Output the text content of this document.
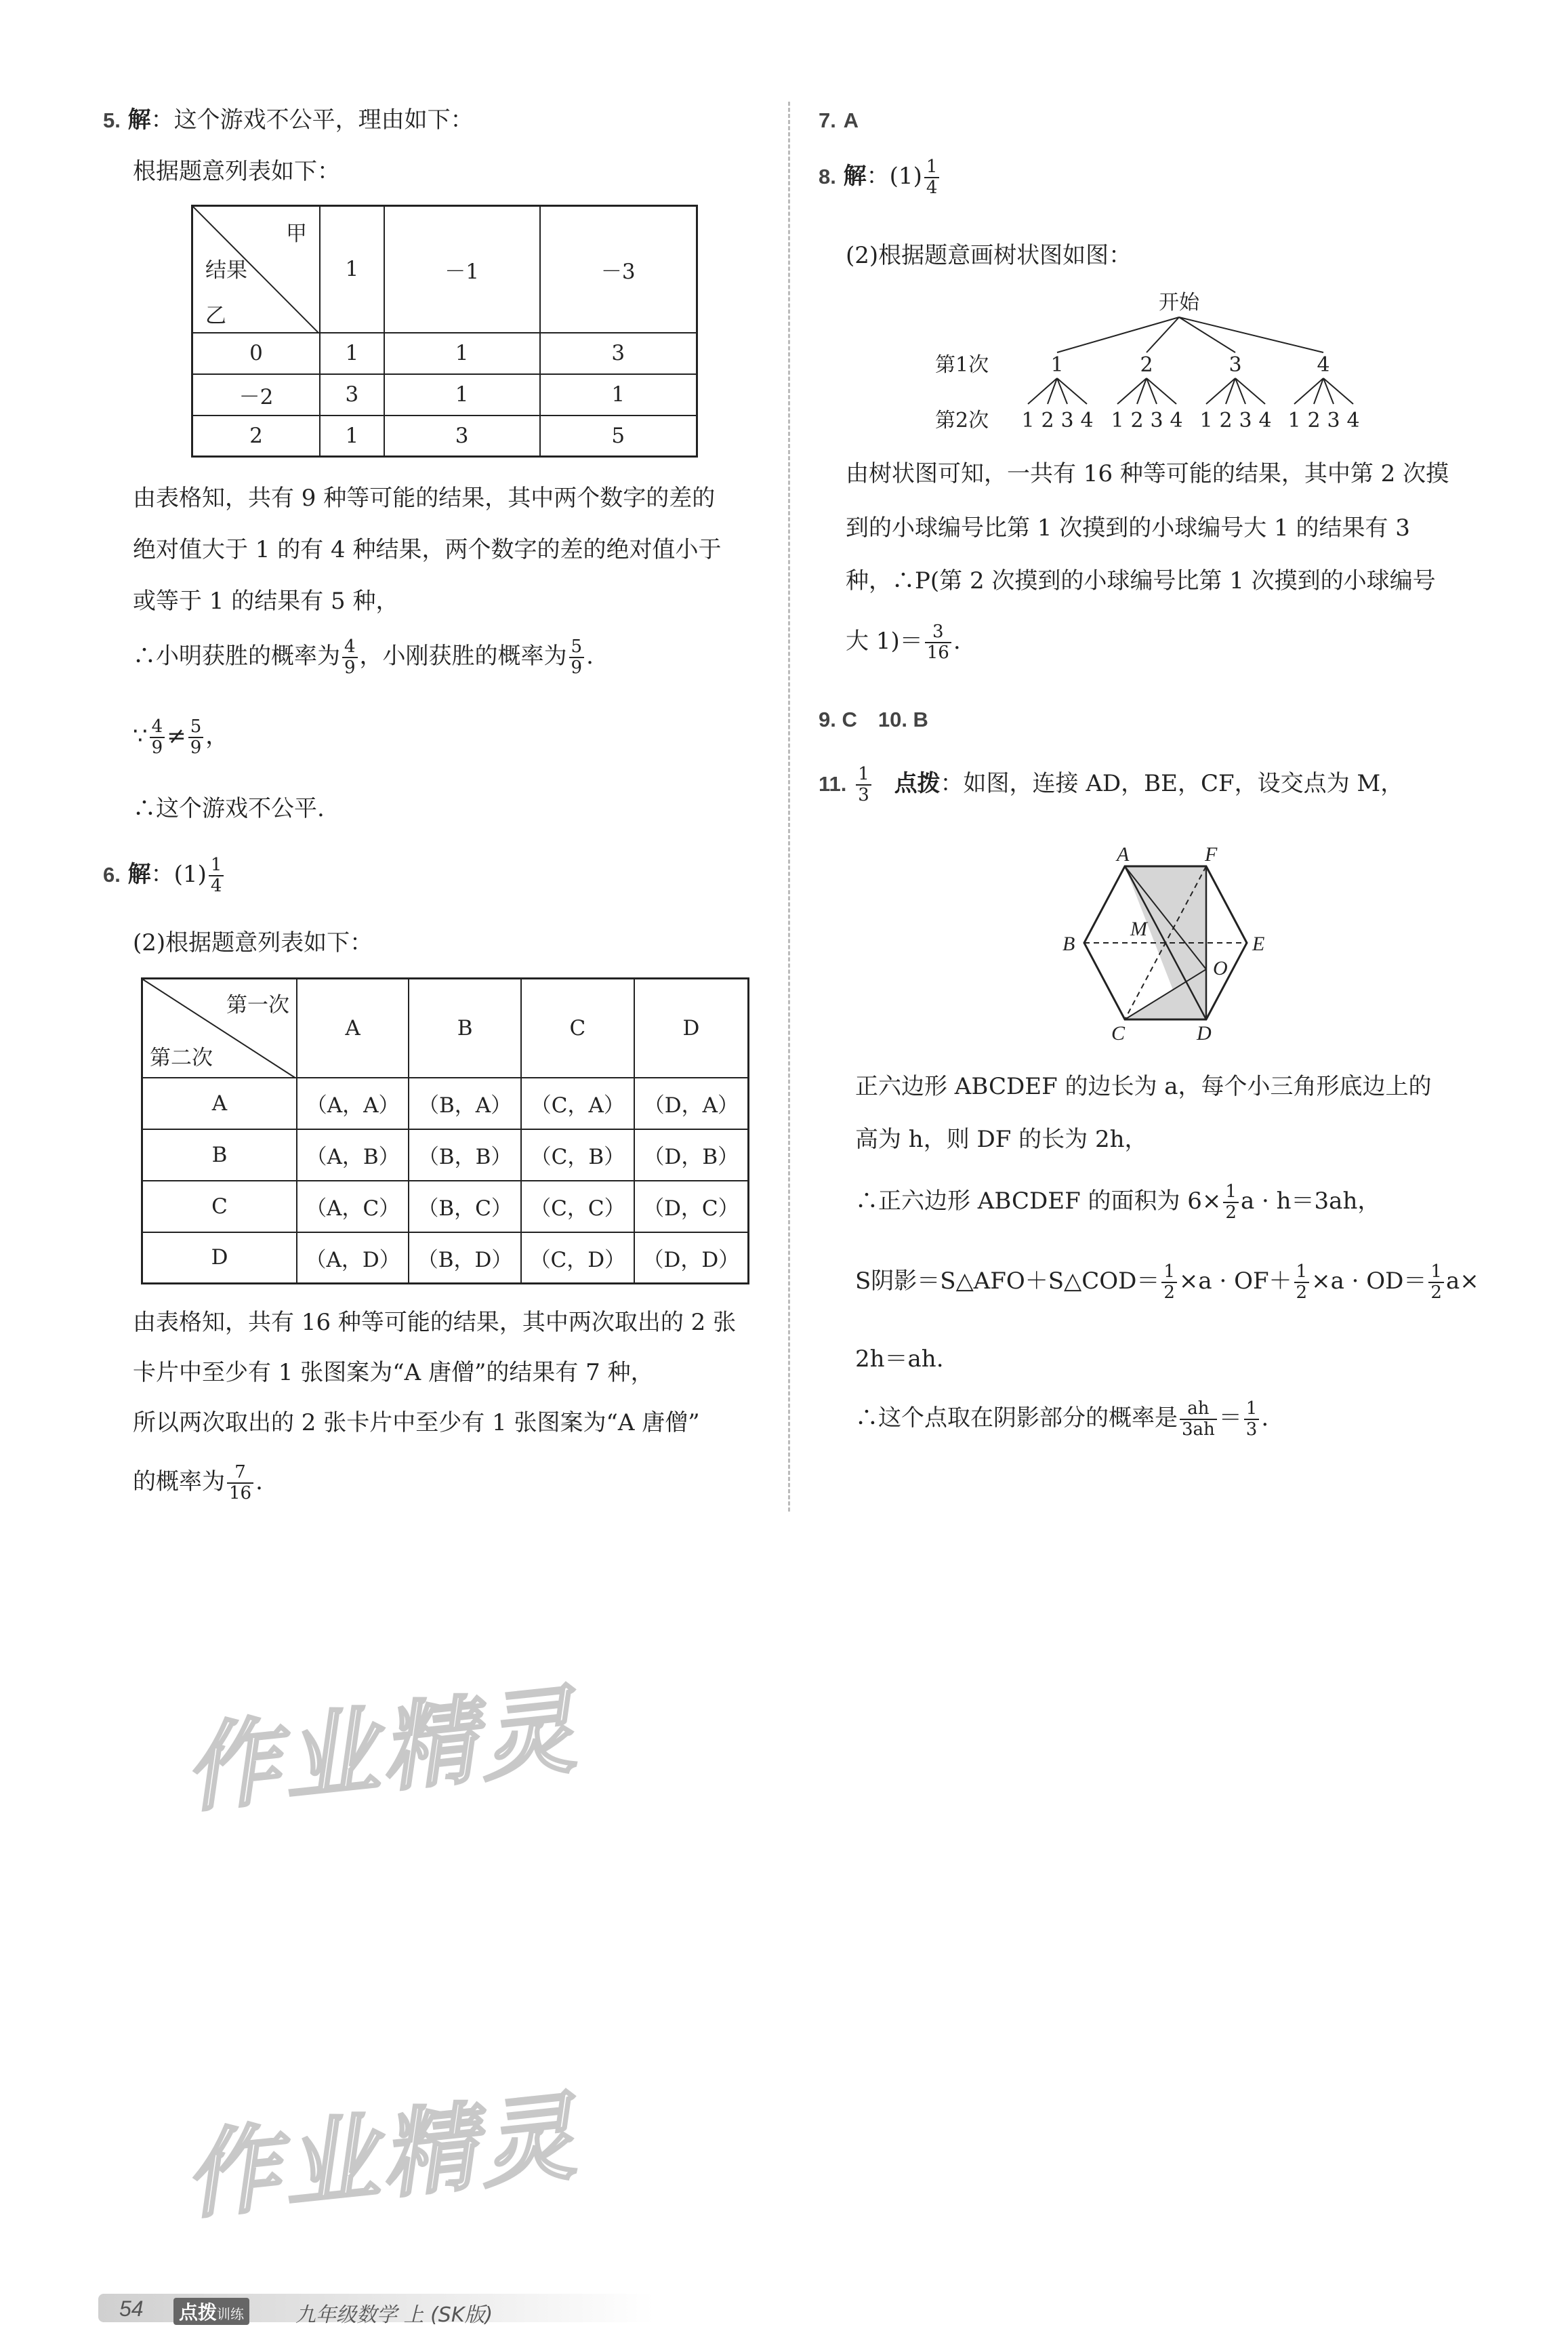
5. 解：这个游戏不公平，理由如下：
根据题意列表如下：
甲
结果
乙	1	－1	－3
0	1	1	3
－2	3	1	1
2	1	3	5
由表格知，共有 9 种等可能的结果，其中两个数字的差的
绝对值大于 1 的有 4 种结果，两个数字的差的绝对值小于
或等于 1 的结果有 5 种，
∴小明获胜的概率为 $\frac{4}{9}$ ，小刚获胜的概率为 $\frac{5}{9}$ .
∵ $\frac{4}{9} \ne \frac{5}{9}$ ，
∴这个游戏不公平.
6. 解：$(1) \frac{1}{4}$
(2)根据题意列表如下：
第一次
第二次	A	B	C	D
A	（A，A）	（B，A）	（C，A）	（D，A）
B	（A，B）	（B，B）	（C，B）	（D，B）
C	（A，C）	（B，C）	（C，C）	（D，C）
D	（A，D）	（B，D）	（C，D）	（D，D）
由表格知，共有 16 种等可能的结果，其中两次取出的 2 张
卡片中至少有 1 张图案为“A 唐僧”的结果有 7 种，
所以两次取出的 2 张卡片中至少有 1 张图案为“A 唐僧”
的概率为 $\frac{7}{16}$ .
7. A
8. 解：$(1) \frac{1}{4}$
(2)根据题意画树状图如图：
开始
第1次	1	2	3	4
第2次 1 2 3 4 1 2 3 4 1 2 3 4 1 2 3 4
由树状图可知，一共有 16 种等可能的结果，其中第 2 次摸
到的小球编号比第 1 次摸到的小球编号大 1 的结果有 3
种，∴P(第 2 次摸到的小球编号比第 1 次摸到的小球编号
大 $1)= \frac{3}{16}$ .
9. C　10. B
11. $\frac{1}{3}$ 点拨：如图，连接 AD，BE，CF，设交点为 M，
A	F
B	E
M
O
C	D
正六边形 ABCDEF 的边长为 a，每个小三角形底边上的
高为 h，则 DF 的长为 2h，
∴正六边形 ABCDEF 的面积为 $6\times \frac{1}{2}$ a · h＝3ah，
S阴影＝S△AFO＋S△COD＝ $\frac{1}{2} \times a \cdot OF+ \frac{1}{2} \times a \cdot OD= \frac{1}{2} a\times$
2h＝ah.
∴这个点取在阴影部分的概率是 $\frac{ah}{3ah} = \frac{1}{3}$ .
作业精灵
作业精灵
54 点拨训练	九年级数学 上 (SK版)
